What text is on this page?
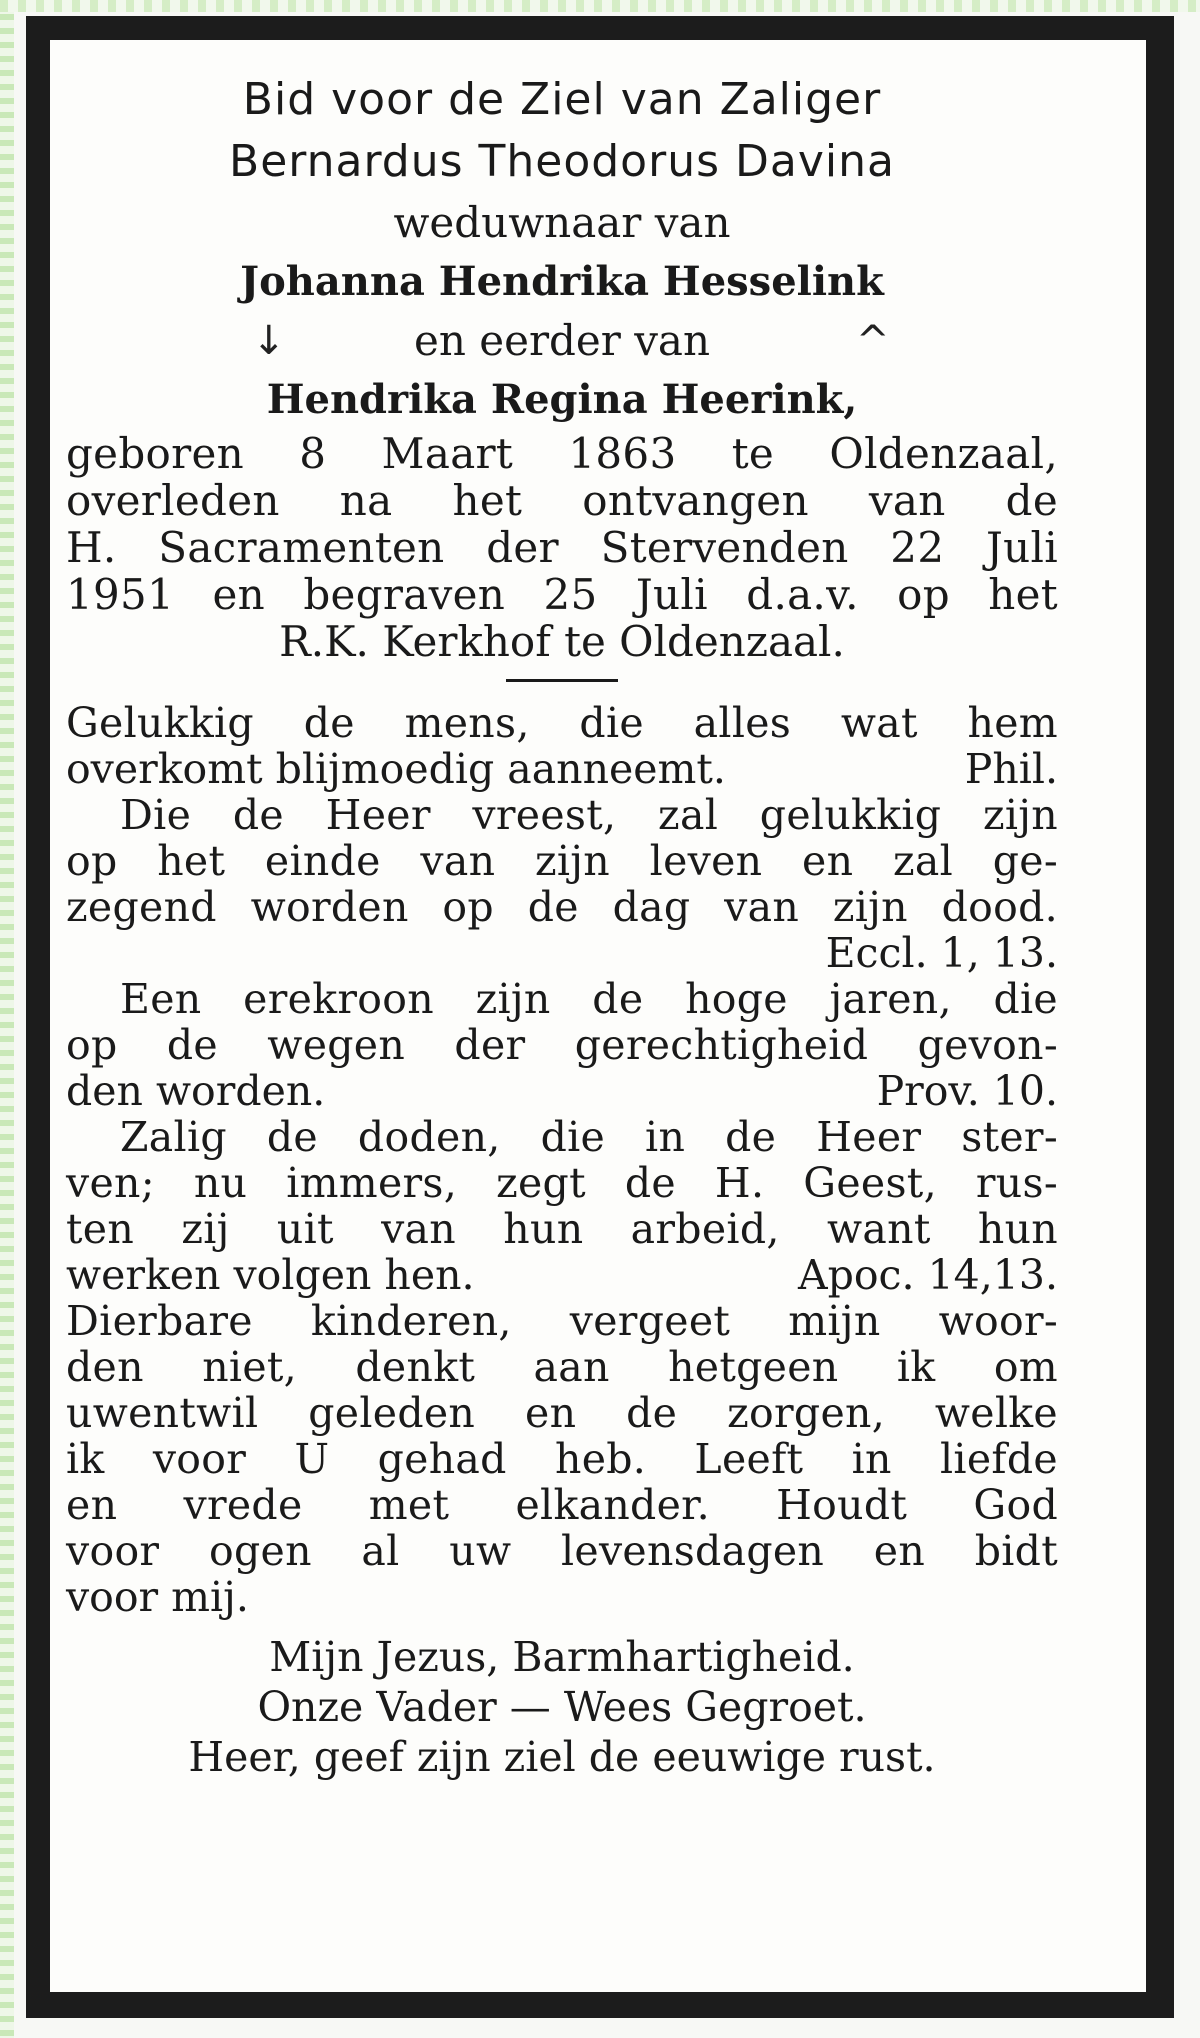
Bid voor de Ziel van Zaliger

Bernardus Theodorus Davina

weduwnaar van

Johanna Hendrika Hesselink

↓	en eerder van	^

Hendrika Regina Heerink,

geboren 8 Maart 1863 te Oldenzaal,

overleden na het ontvangen van de

H. Sacramenten der Stervenden 22 Juli

1951 en begraven 25 Juli d.a.v. op het

R.K. Kerkhof te Oldenzaal.

Gelukkig de mens, die alles wat hem

overkomt blijmoedig aanneemt.	Phil.

Die de Heer vreest, zal gelukkig zijn

op het einde van zijn leven en zal ge-

zegend worden op de dag van zijn dood.

Eccl. 1, 13.

Een erekroon zijn de hoge jaren, die

op de wegen der gerechtigheid gevon-

den worden.	Prov. 10.

Zalig de doden, die in de Heer ster-

ven; nu immers, zegt de H. Geest, rus-

ten zij uit van hun arbeid, want hun

werken volgen hen.	Apoc. 14,13.

Dierbare kinderen, vergeet mijn woor-

den niet, denkt aan hetgeen ik om

uwentwil geleden en de zorgen, welke

ik voor U gehad heb. Leeft in liefde

en vrede met elkander. Houdt God

voor ogen al uw levensdagen en bidt

voor mij.

Mijn Jezus, Barmhartigheid.

Onze Vader — Wees Gegroet.

Heer, geef zijn ziel de eeuwige rust.
